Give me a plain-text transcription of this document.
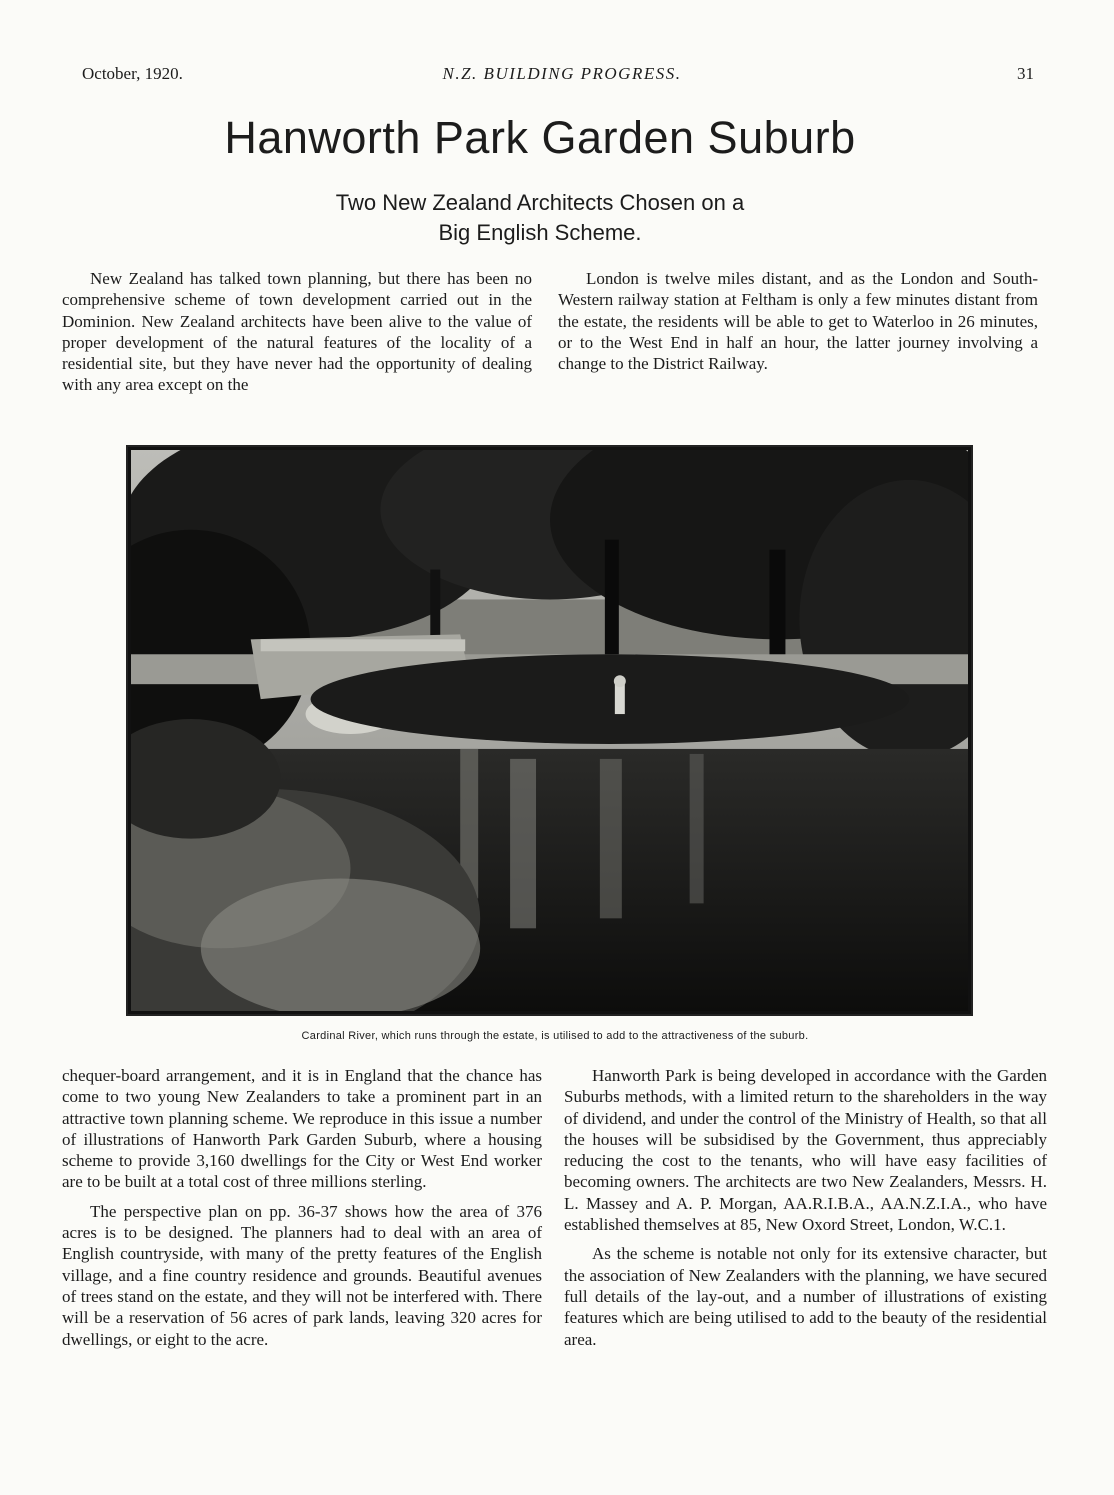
October, 1920.	N.Z. BUILDING PROGRESS.	31
Hanworth Park Garden Suburb
Two New Zealand Architects Chosen on a
Big English Scheme.

New Zealand has talked town planning, but there has been no comprehensive scheme of town development carried out in the Dominion. New Zealand architects have been alive to the value of proper development of the natural features of the locality of a residential site, but they have never had the opportunity of dealing with any area except on the

London is twelve miles distant, and as the London and South-Western railway station at Feltham is only a few minutes distant from the estate, the residents will be able to get to Waterloo in 26 minutes, or to the West End in half an hour, the latter journey involving a change to the District Railway.

Cardinal River, which runs through the estate, is utilised to add to the attractiveness of the suburb.

chequer-board arrangement, and it is in England that the chance has come to two young New Zealanders to take a prominent part in an attractive town planning scheme. We reproduce in this issue a number of illustrations of Hanworth Park Garden Suburb, where a housing scheme to provide 3,160 dwellings for the City or West End worker are to be built at a total cost of three millions sterling.

The perspective plan on pp. 36-37 shows how the area of 376 acres is to be designed. The planners had to deal with an area of English countryside, with many of the pretty features of the English village, and a fine country residence and grounds. Beautiful avenues of trees stand on the estate, and they will not be interfered with. There will be a reservation of 56 acres of park lands, leaving 320 acres for dwellings, or eight to the acre.

Hanworth Park is being developed in accordance with the Garden Suburbs methods, with a limited return to the shareholders in the way of dividend, and under the control of the Ministry of Health, so that all the houses will be subsidised by the Government, thus appreciably reducing the cost to the tenants, who will have easy facilities of becoming owners. The architects are two New Zealanders, Messrs. H. L. Massey and A. P. Morgan, AA.R.I.B.A., AA.N.Z.I.A., who have established themselves at 85, New Oxord Street, London, W.C.1.

As the scheme is notable not only for its extensive character, but the association of New Zealanders with the planning, we have secured full details of the lay-out, and a number of illustrations of existing features which are being utilised to add to the beauty of the residential area.
